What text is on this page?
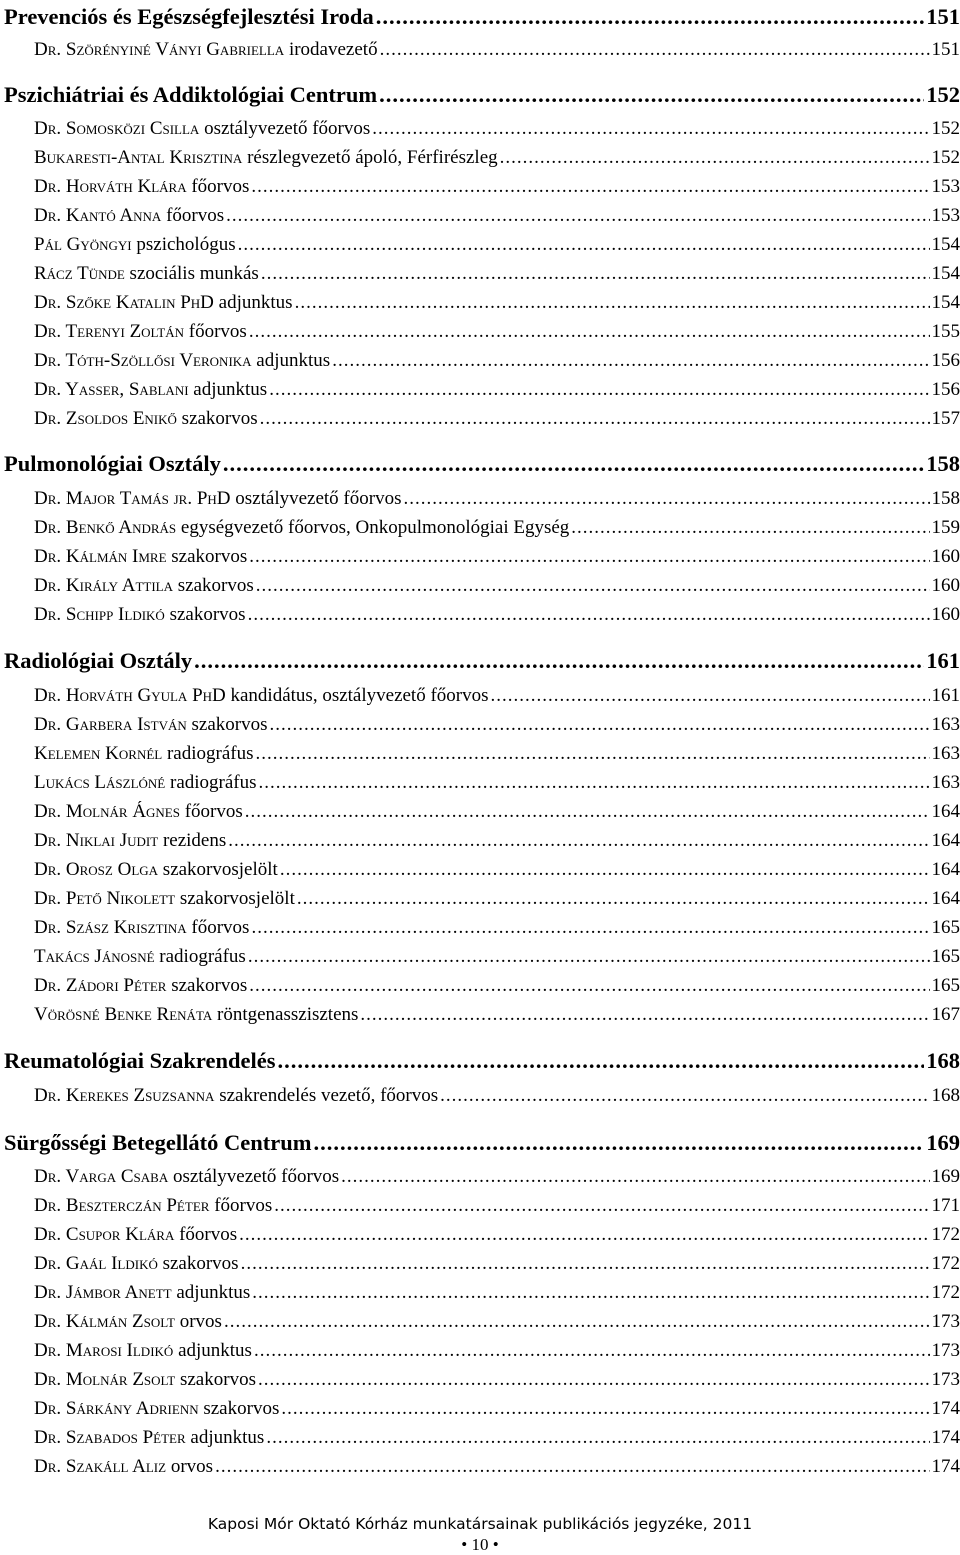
Prevenciós és Egészségfejlesztési Iroda .....	151
Dr. Szörényiné Ványi Gabriella irodavezető .....	151
Pszichiátriai és Addiktológiai Centrum .....	152
Dr. Somosközi Csilla osztályvezető főorvos .....	152
Bukaresti-Antal Krisztina részlegvezető ápoló, Férfirészleg .....	152
Dr. Horváth Klára főorvos .....	153
Dr. Kantó Anna főorvos .....	153
Pál Gyöngyi pszichológus .....	154
Rácz Tünde szociális munkás .....	154
Dr. Szőke Katalin PhD adjunktus .....	154
Dr. Terenyi Zoltán főorvos .....	155
Dr. Tóth-Szöllősi Veronika adjunktus .....	156
Dr. Yasser, Sablani adjunktus .....	156
Dr. Zsoldos Enikő szakorvos .....	157
Pulmonológiai Osztály .....	158
Dr. Major Tamás jr. PhD osztályvezető főorvos .....	158
Dr. Benkő András egységvezető főorvos, Onkopulmonológiai Egység .....	159
Dr. Kálmán Imre szakorvos .....	160
Dr. Király Attila szakorvos .....	160
Dr. Schipp Ildikó szakorvos .....	160
Radiológiai Osztály .....	161
Dr. Horváth Gyula PhD kandidátus, osztályvezető főorvos .....	161
Dr. Garbera István szakorvos .....	163
Kelemen Kornél radiográfus .....	163
Lukács Lászlóné radiográfus .....	163
Dr. Molnár Ágnes főorvos .....	164
Dr. Niklai Judit rezidens .....	164
Dr. Orosz Olga szakorvosjelölt .....	164
Dr. Pető Nikolett szakorvosjelölt .....	164
Dr. Szász Krisztina főorvos .....	165
Takács Jánosné radiográfus .....	165
Dr. Zádori Péter szakorvos .....	165
Vörösné Benke Renáta röntgenasszisztens .....	167
Reumatológiai Szakrendelés .....	168
Dr. Kerekes Zsuzsanna szakrendelés vezető, főorvos .....	168
Sürgősségi Betegellátó Centrum .....	169
Dr. Varga Csaba osztályvezető főorvos .....	169
Dr. Beszterczán Péter főorvos .....	171
Dr. Csupor Klára főorvos .....	172
Dr. Gaál Ildikó szakorvos .....	172
Dr. Jámbor Anett adjunktus .....	172
Dr. Kálmán Zsolt orvos .....	173
Dr. Marosi Ildikó adjunktus .....	173
Dr. Molnár Zsolt szakorvos .....	173
Dr. Sárkány Adrienn szakorvos .....	174
Dr. Szabados Péter adjunktus .....	174
Dr. Szakáll Aliz orvos .....	174
Kaposi Mór Oktató Kórház munkatársainak publikációs jegyzéke, 2011
• 10 •
